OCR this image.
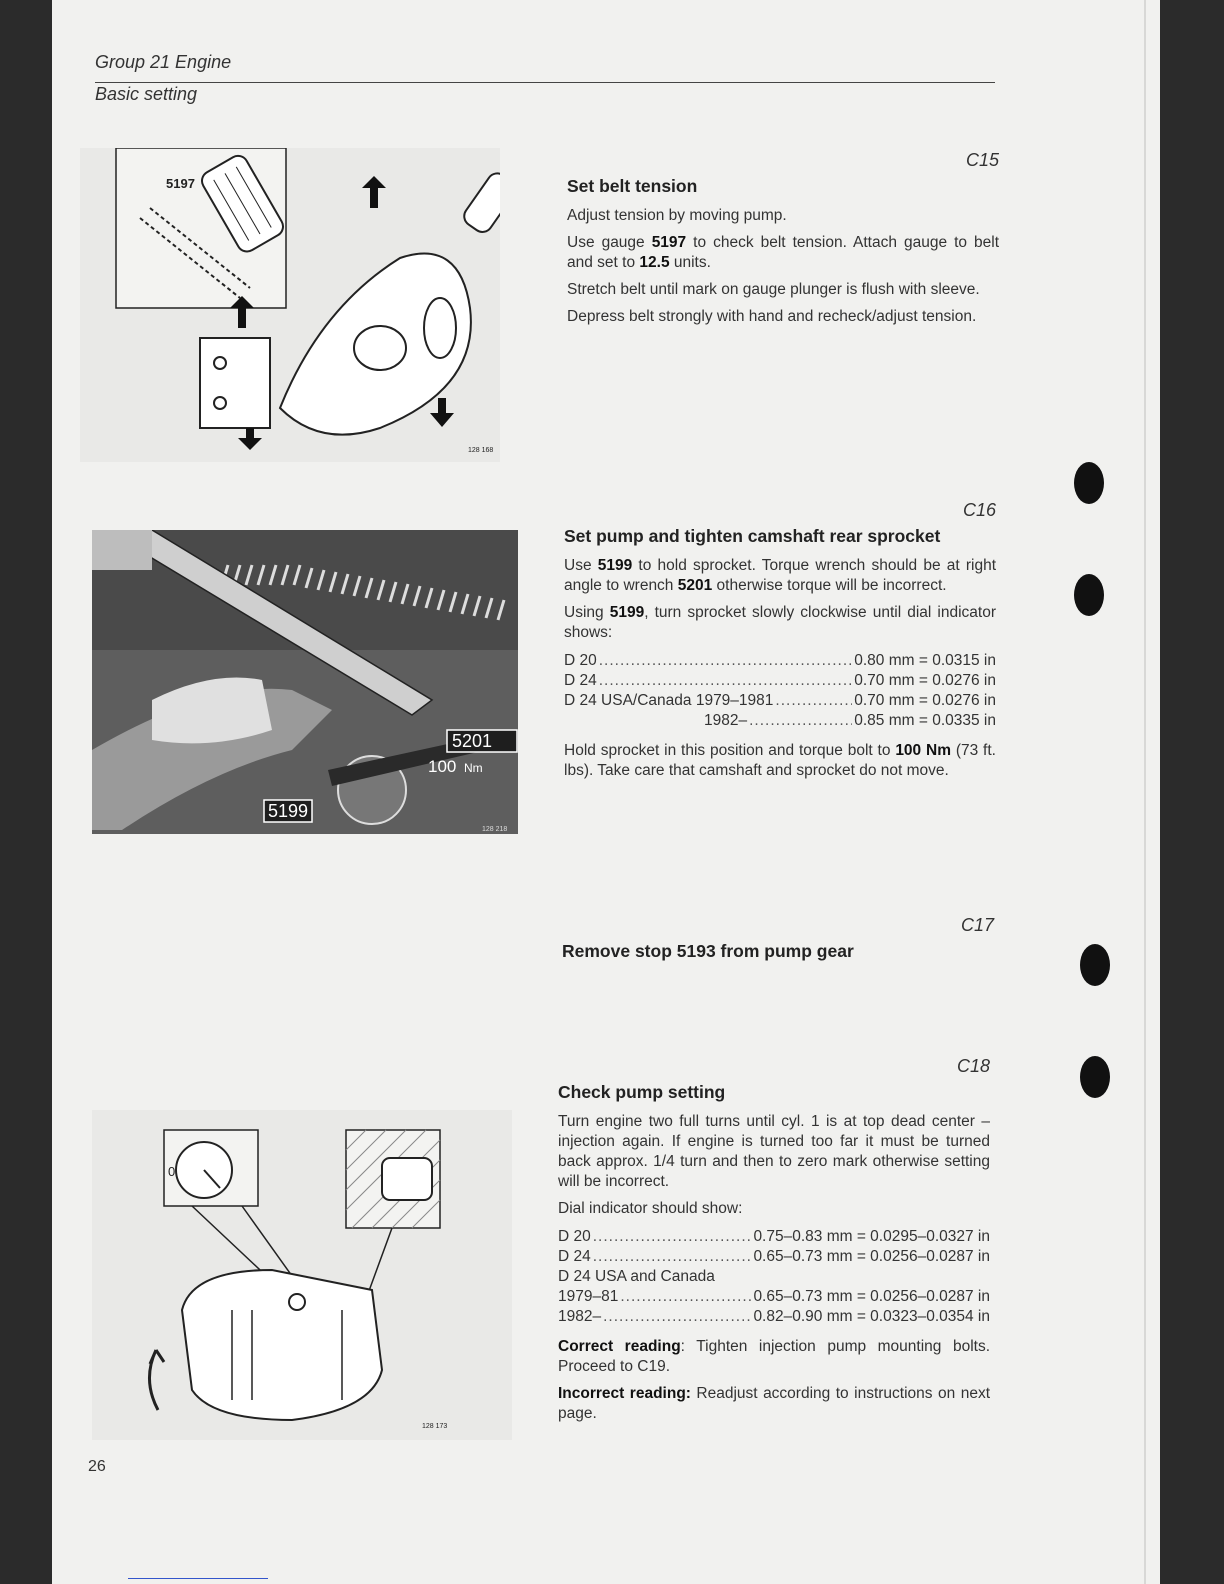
Group 21 Engine
Basic setting
5197
128 168
5201
100 Nm
5199
128 218
0
128 173
C15
Set belt tension

Adjust tension by moving pump.

Use gauge 5197 to check belt tension. Attach gauge to belt and set to 12.5 units.

Stretch belt until mark on gauge plunger is flush with sleeve.

Depress belt strongly with hand and recheck/adjust tension.

C16
Set pump and tighten camshaft rear sprocket

Use 5199 to hold sprocket. Torque wrench should be at right angle to wrench 5201 otherwise torque will be incorrect.

Using 5199, turn sprocket slowly clockwise until dial indicator shows:

D 20 .....	0.80 mm = 0.0315 in
D 24 .....	0.70 mm = 0.0276 in
D 24 USA/Canada 1979–1981 .....	0.70 mm = 0.0276 in
1982– .....	0.85 mm = 0.0335 in

Hold sprocket in this position and torque bolt to 100 Nm (73 ft. lbs). Take care that camshaft and sprocket do not move.

C17
Remove stop 5193 from pump gear
C18
Check pump setting

Turn engine two full turns until cyl. 1 is at top dead center – injection again. If engine is turned too far it must be turned back approx. 1/4 turn and then to zero mark otherwise setting will be incorrect.

Dial indicator should show:

D 20 .....	0.75–0.83 mm = 0.0295–0.0327 in
D 24 .....	0.65–0.73 mm = 0.0256–0.0287 in
D 24 USA and Canada
1979–81 .....	0.65–0.73 mm = 0.0256–0.0287 in
1982– .....	0.82–0.90 mm = 0.0323–0.0354 in

Correct reading: Tighten injection pump mounting bolts. Proceed to C19.

Incorrect reading: Readjust according to instructions on next page.

26
